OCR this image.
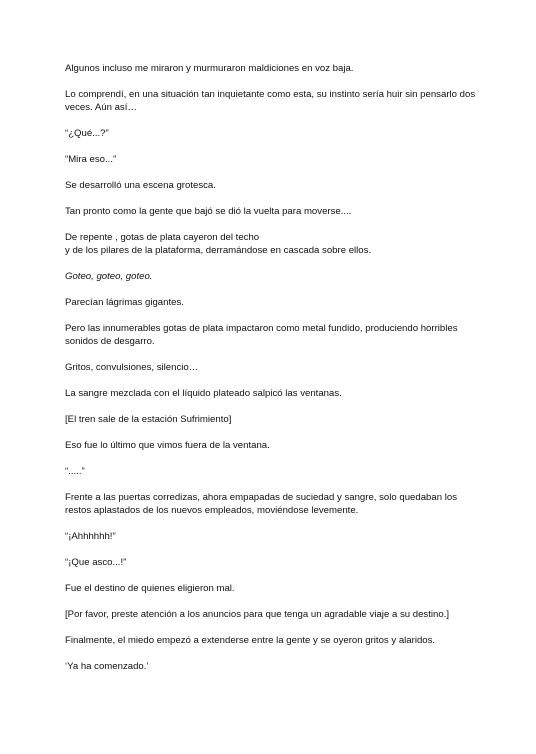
Algunos incluso me miraron y murmuraron maldiciones en voz baja.

Lo comprendí, en una situación tan inquietante como esta, su instinto sería huir sin pensarlo dos veces. Aún así…

“¿Qué...?”

“Mira eso...”

Se desarrolló una escena grotesca.

Tan pronto como la gente que bajó se dió la vuelta para moverse....

De repente , gotas de plata cayeron del techo
y de los pilares de la plataforma, derramándose en cascada sobre ellos.

Goteo, goteo, goteo.

Parecían lágrimas gigantes.

Pero las innumerables gotas de plata impactaron como metal fundido, produciendo horribles sonidos de desgarro.

Gritos, convulsiones, silencio…

La sangre mezclada con el líquido plateado salpicó las ventanas.

[El tren sale de la estación Sufrimiento]

Eso fue lo último que vimos fuera de la ventana.

“.....”

Frente a las puertas corredizas, ahora empapadas de suciedad y sangre, solo quedaban los restos aplastados de los nuevos empleados, moviéndose levemente.

“¡Ahhhhhh!”

“¡Que asco...!”

Fue el destino de quienes eligieron mal.

[Por favor, preste atención a los anuncios para que tenga un agradable viaje a su destino.]

Finalmente, el miedo empezó a extenderse entre la gente y se oyeron gritos y alaridos.

‘Ya ha comenzado.’
